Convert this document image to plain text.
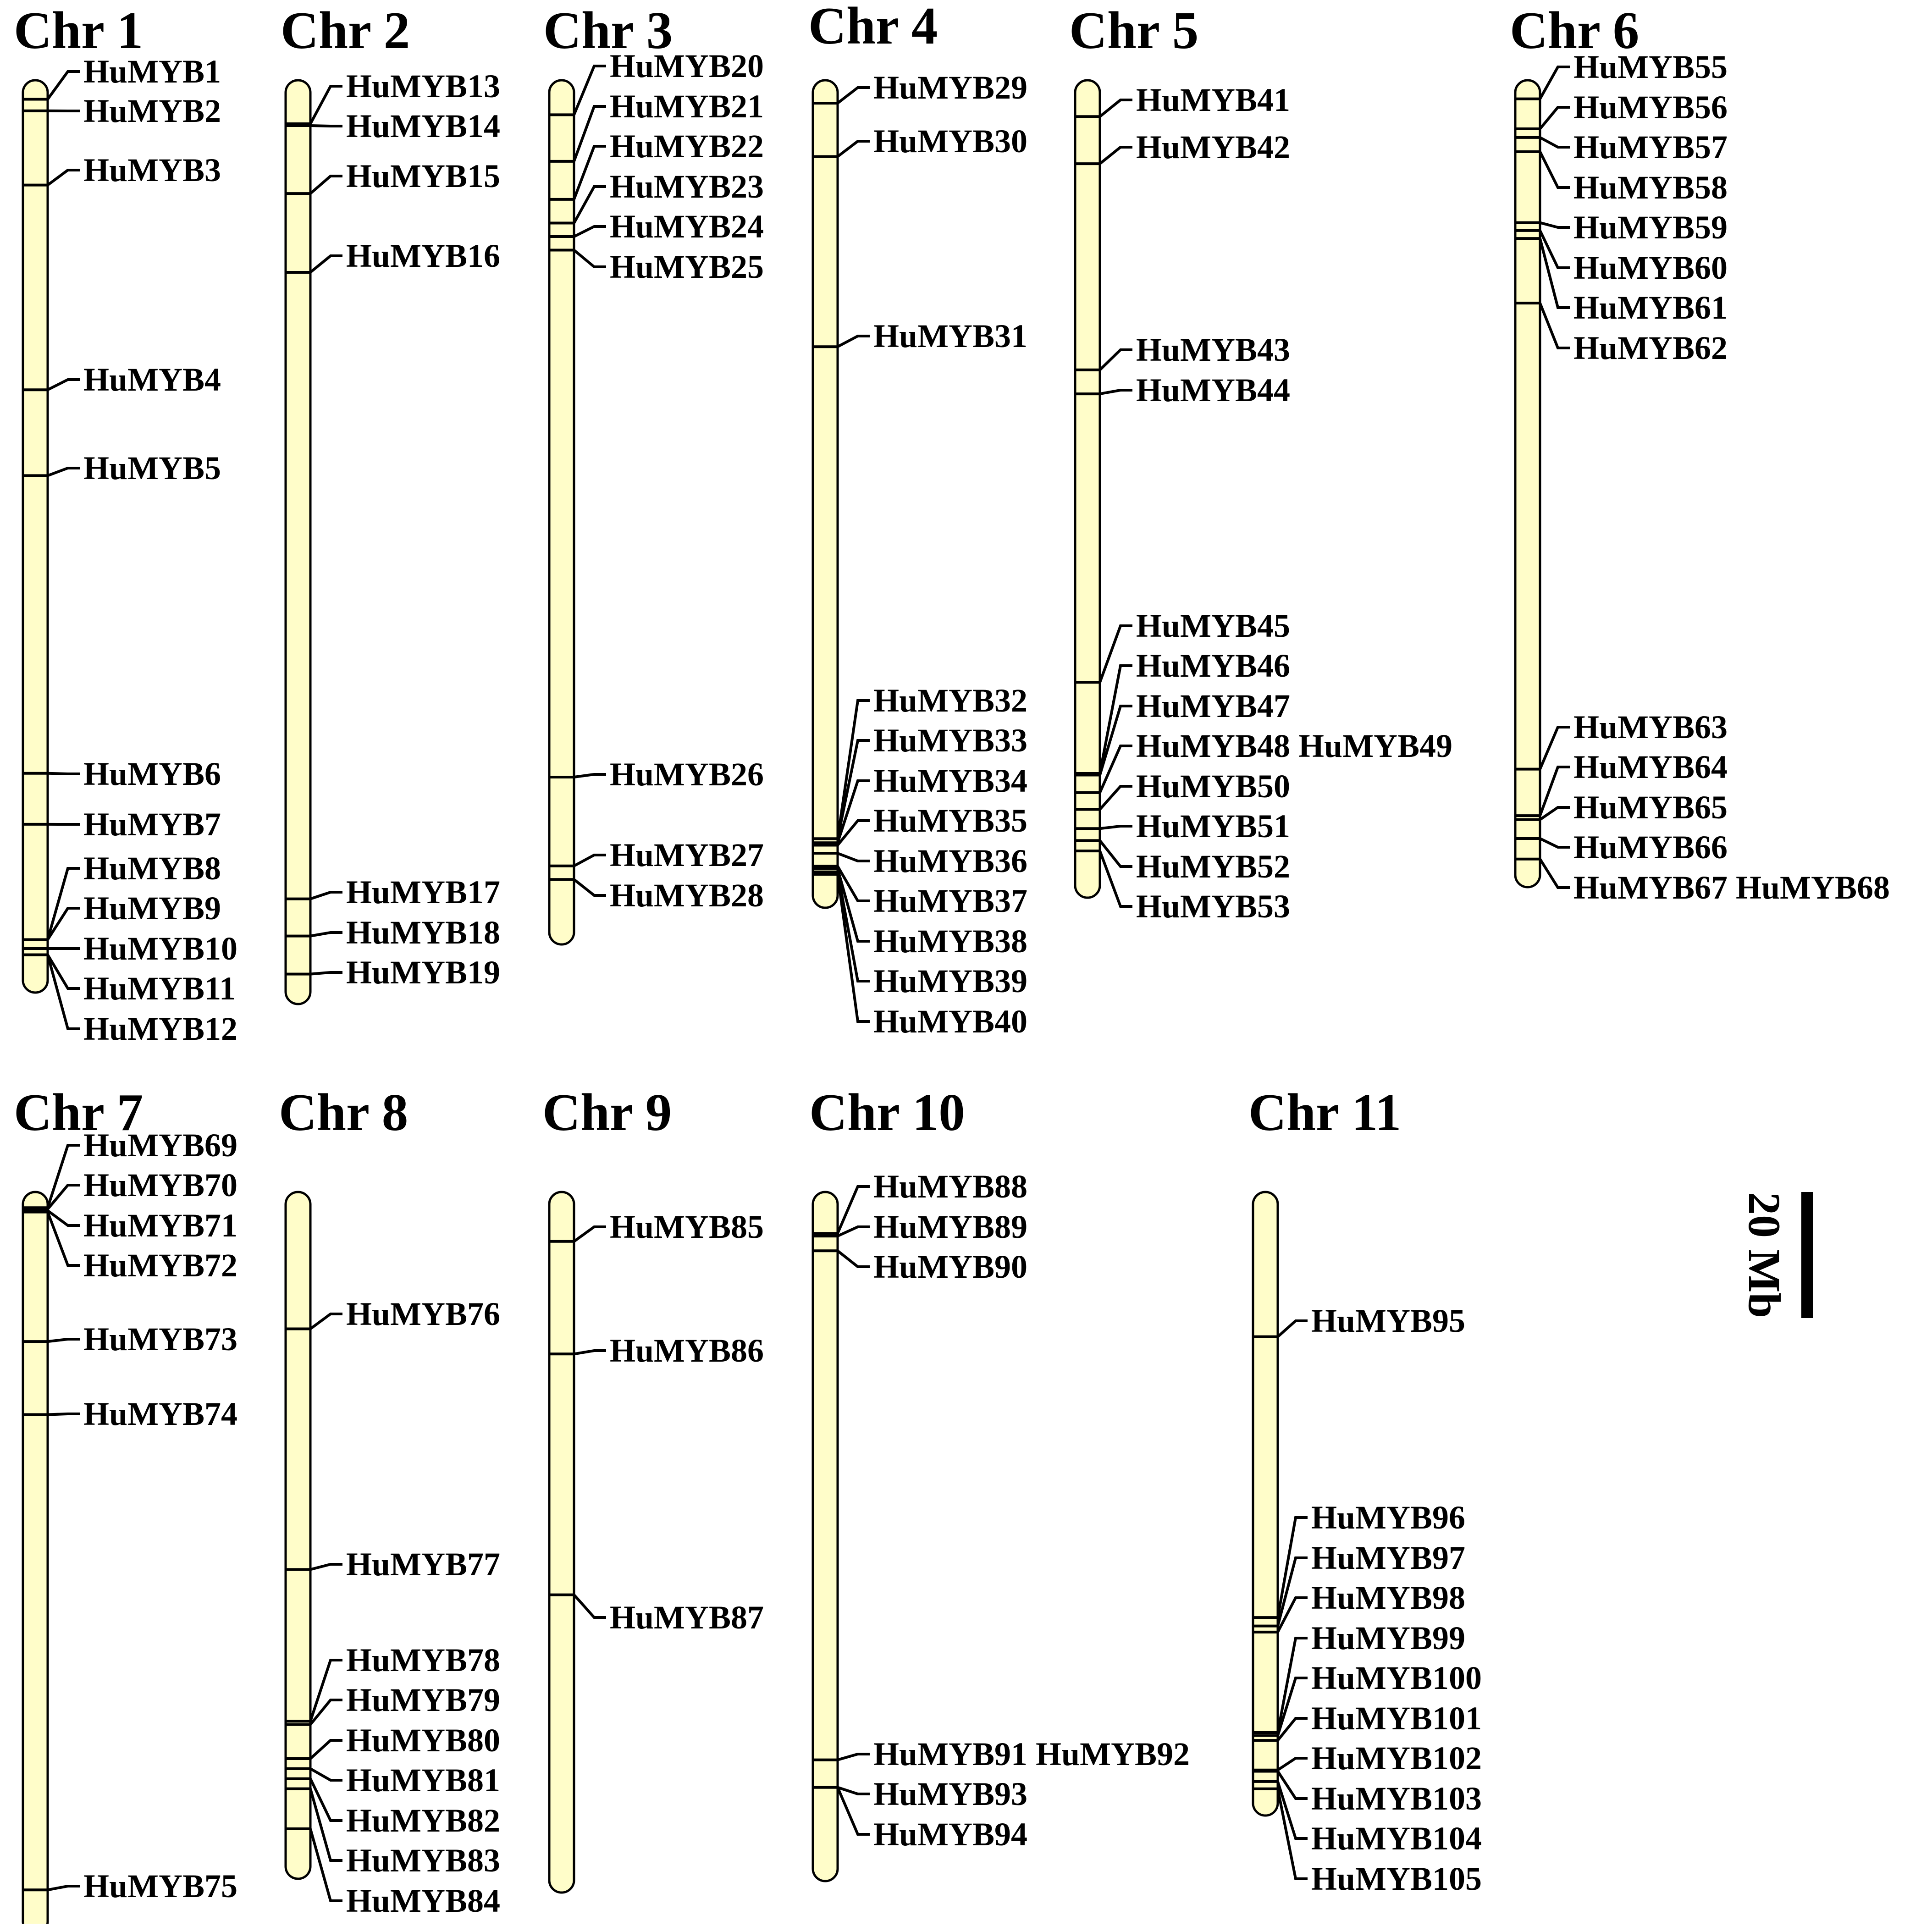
Chr 1
HuMYB1
HuMYB2
HuMYB3
HuMYB4
HuMYB5
HuMYB6
HuMYB7
HuMYB8
HuMYB9
HuMYB10
HuMYB11
HuMYB12
Chr 2
HuMYB13
HuMYB14
HuMYB15
HuMYB16
HuMYB17
HuMYB18
HuMYB19
Chr 3
HuMYB20
HuMYB21
HuMYB22
HuMYB23
HuMYB24
HuMYB25
HuMYB26
HuMYB27
HuMYB28
Chr 4
HuMYB29
HuMYB30
HuMYB31
HuMYB32
HuMYB33
HuMYB34
HuMYB35
HuMYB36
HuMYB37
HuMYB38
HuMYB39
HuMYB40
Chr 5
HuMYB41
HuMYB42
HuMYB43
HuMYB44
HuMYB45
HuMYB46
HuMYB47
HuMYB48 HuMYB49
HuMYB50
HuMYB51
HuMYB52
HuMYB53
Chr 6
HuMYB55
HuMYB56
HuMYB57
HuMYB58
HuMYB59
HuMYB60
HuMYB61
HuMYB62
HuMYB63
HuMYB64
HuMYB65
HuMYB66
HuMYB67 HuMYB68
Chr 7
HuMYB69
HuMYB70
HuMYB71
HuMYB72
HuMYB73
HuMYB74
HuMYB75
Chr 8
HuMYB76
HuMYB77
HuMYB78
HuMYB79
HuMYB80
HuMYB81
HuMYB82
HuMYB83
HuMYB84
Chr 9
HuMYB85
HuMYB86
HuMYB87
Chr 10
HuMYB88
HuMYB89
HuMYB90
HuMYB91 HuMYB92
HuMYB93
HuMYB94
Chr 11
HuMYB95
HuMYB96
HuMYB97
HuMYB98
HuMYB99
HuMYB100
HuMYB101
HuMYB102
HuMYB103
HuMYB104
HuMYB105
20 Mb
